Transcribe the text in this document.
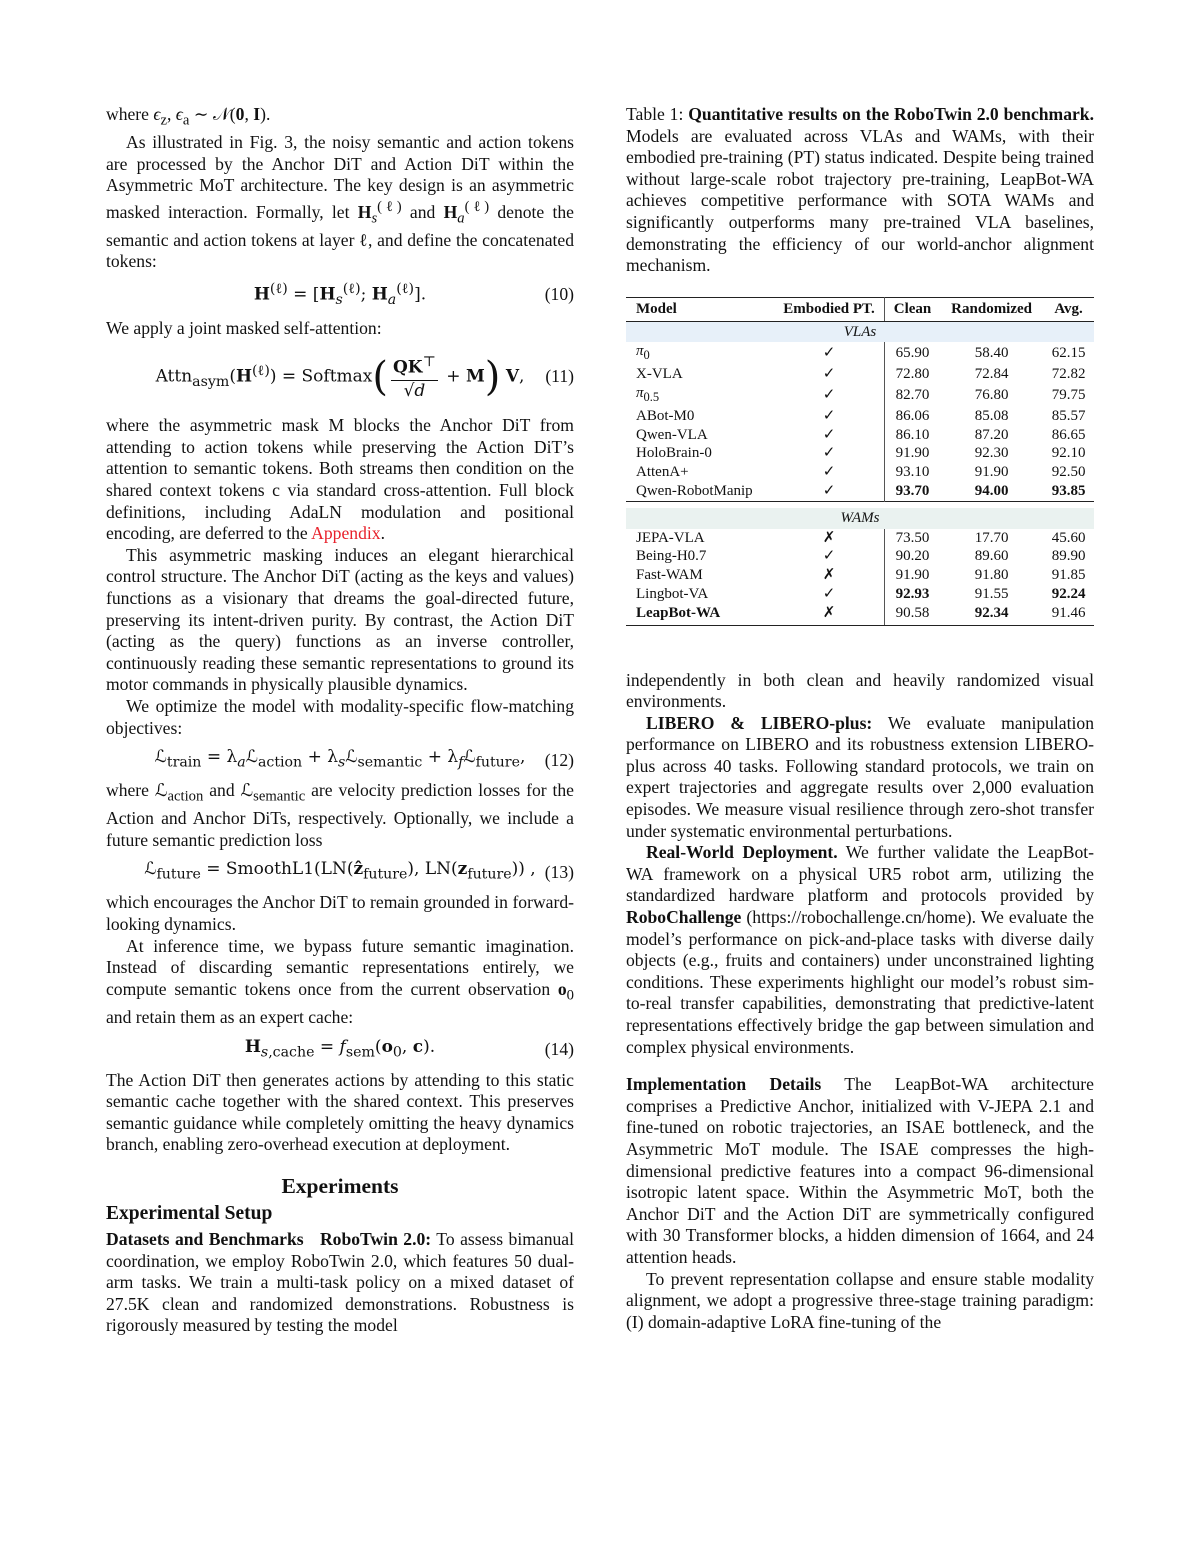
where $\epsilon_z$, $\epsilon_a$ ∼ 𝒩(0, I).

As illustrated in Fig. 3, the noisy semantic and action tokens are processed by the Anchor DiT and Action DiT within the Asymmetric MoT architecture. The key design is an asymmetric masked interaction. Formally, let $H_s^{(\ell)}$ and $H_a^{(\ell)}$ denote the semantic and action tokens at layer ℓ, and define the concatenated tokens:

$H^{(\ell)} = [H_s^{(\ell)}$; $H_a^{(\ell)}$].	(10)

We apply a joint masked self-attention:

$Attn_{asym}(H^{(\ell)})$ = Softmax( $\frac{QK^⊤}{√d} + M$) V, (11)

where the asymmetric mask M blocks the Anchor DiT from attending to action tokens while preserving the Action DiT’s attention to semantic tokens. Both streams then condition on the shared context tokens c via standard cross-attention. Full block definitions, including AdaLN modulation and positional encoding, are deferred to the Appendix.

This asymmetric masking induces an elegant hierarchical control structure. The Anchor DiT (acting as the keys and values) functions as a visionary that dreams the goal-directed future, preserving its intent-driven purity. By contrast, the Action DiT (acting as the query) functions as an inverse controller, continuously reading these semantic representations to ground its motor commands in physically plausible dynamics.

We optimize the model with modality-specific flow-matching objectives:

ℒ$_{train}$ = $\lambda_aℒ_{action}$ + $\lambda_sℒ_{semantic}$ + $\lambda_fℒ_{future}$, (12)

where ℒ$_{action}$ and ℒ$_{semantic}$ are velocity prediction losses for the Action and Anchor DiTs, respectively. Optionally, we include a future semantic prediction loss

ℒ$_{future}$ = SmoothL1(LN(ẑ$_{future}$), $LN(z_{future})$) , (13)

which encourages the Anchor DiT to remain grounded in forward-looking dynamics.

At inference time, we bypass future semantic imagination. Instead of discarding semantic representations entirely, we compute semantic tokens once from the current observation $o_0$ and retain them as an expert cache:

$H_{s,cache} = f_{sem}(o_0$, c).	(14)

The Action DiT then generates actions by attending to this static semantic cache together with the shared context. This preserves semantic guidance while completely omitting the heavy dynamics branch, enabling zero-overhead execution at deployment.

Experiments
Experimental Setup

Datasets and Benchmarks RoboTwin 2.0: To assess bimanual coordination, we employ RoboTwin 2.0, which features 50 dual-arm tasks. We train a multi-task policy on a mixed dataset of 27.5K clean and randomized demonstrations. Robustness is rigorously measured by testing the model

Table 1: Quantitative results on the RoboTwin 2.0 benchmark. Models are evaluated across VLAs and WAMs, with their embodied pre-training (PT) status indicated. Despite being trained without large-scale robot trajectory pre-training, LeapBot-WA achieves competitive performance with SOTA WAMs and significantly outperforms many pre-trained VLA baselines, demonstrating the efficiency of our world-anchor alignment mechanism.

Model	Embodied PT.	Clean	Randomized	Avg.
VLAs				
$\pi_0$	✓	65.90	58.40	62.15
X-VLA	✓	72.80	72.84	72.82
$\pi_{0.5}$	✓	82.70	76.80	79.75
ABot-M0	✓	86.06	85.08	85.57
Qwen-VLA	✓	86.10	87.20	86.65
HoloBrain-0	✓	91.90	92.30	92.10
AttenA+	✓	93.10	91.90	92.50
Qwen-RobotManip	✓	93.70	94.00	93.85

WAMs				
JEPA-VLA	✗	73.50	17.70	45.60
Being-H0.7	✓	90.20	89.60	89.90
Fast-WAM	✗	91.90	91.80	91.85
Lingbot-VA	✓	92.93	91.55	92.24
LeapBot-WA	✗	90.58	92.34	91.46

independently in both clean and heavily randomized visual environments.

LIBERO & LIBERO-plus: We evaluate manipulation performance on LIBERO and its robustness extension LIBERO-plus across 40 tasks. Following standard protocols, we train on expert trajectories and aggregate results over 2,000 evaluation episodes. We measure visual resilience through zero-shot transfer under systematic environmental perturbations.

Real-World Deployment. We further validate the LeapBot-WA framework on a physical UR5 robot arm, utilizing the standardized hardware platform and protocols provided by RoboChallenge (https://robochallenge.cn/home). We evaluate the model’s performance on pick-and-place tasks with diverse daily objects (e.g., fruits and containers) under unconstrained lighting conditions. These experiments highlight our model’s robust sim-to-real transfer capabilities, demonstrating that predictive-latent representations effectively bridge the gap between simulation and complex physical environments.

Implementation Details The LeapBot-WA architecture comprises a Predictive Anchor, initialized with V-JEPA 2.1 and fine-tuned on robotic trajectories, an ISAE bottleneck, and the Asymmetric MoT module. The ISAE compresses the high-dimensional predictive features into a compact 96-dimensional isotropic latent space. Within the Asymmetric MoT, both the Anchor DiT and the Action DiT are symmetrically configured with 30 Transformer blocks, a hidden dimension of 1664, and 24 attention heads.

To prevent representation collapse and ensure stable modality alignment, we adopt a progressive three-stage training paradigm: (I) domain-adaptive LoRA fine-tuning of the
